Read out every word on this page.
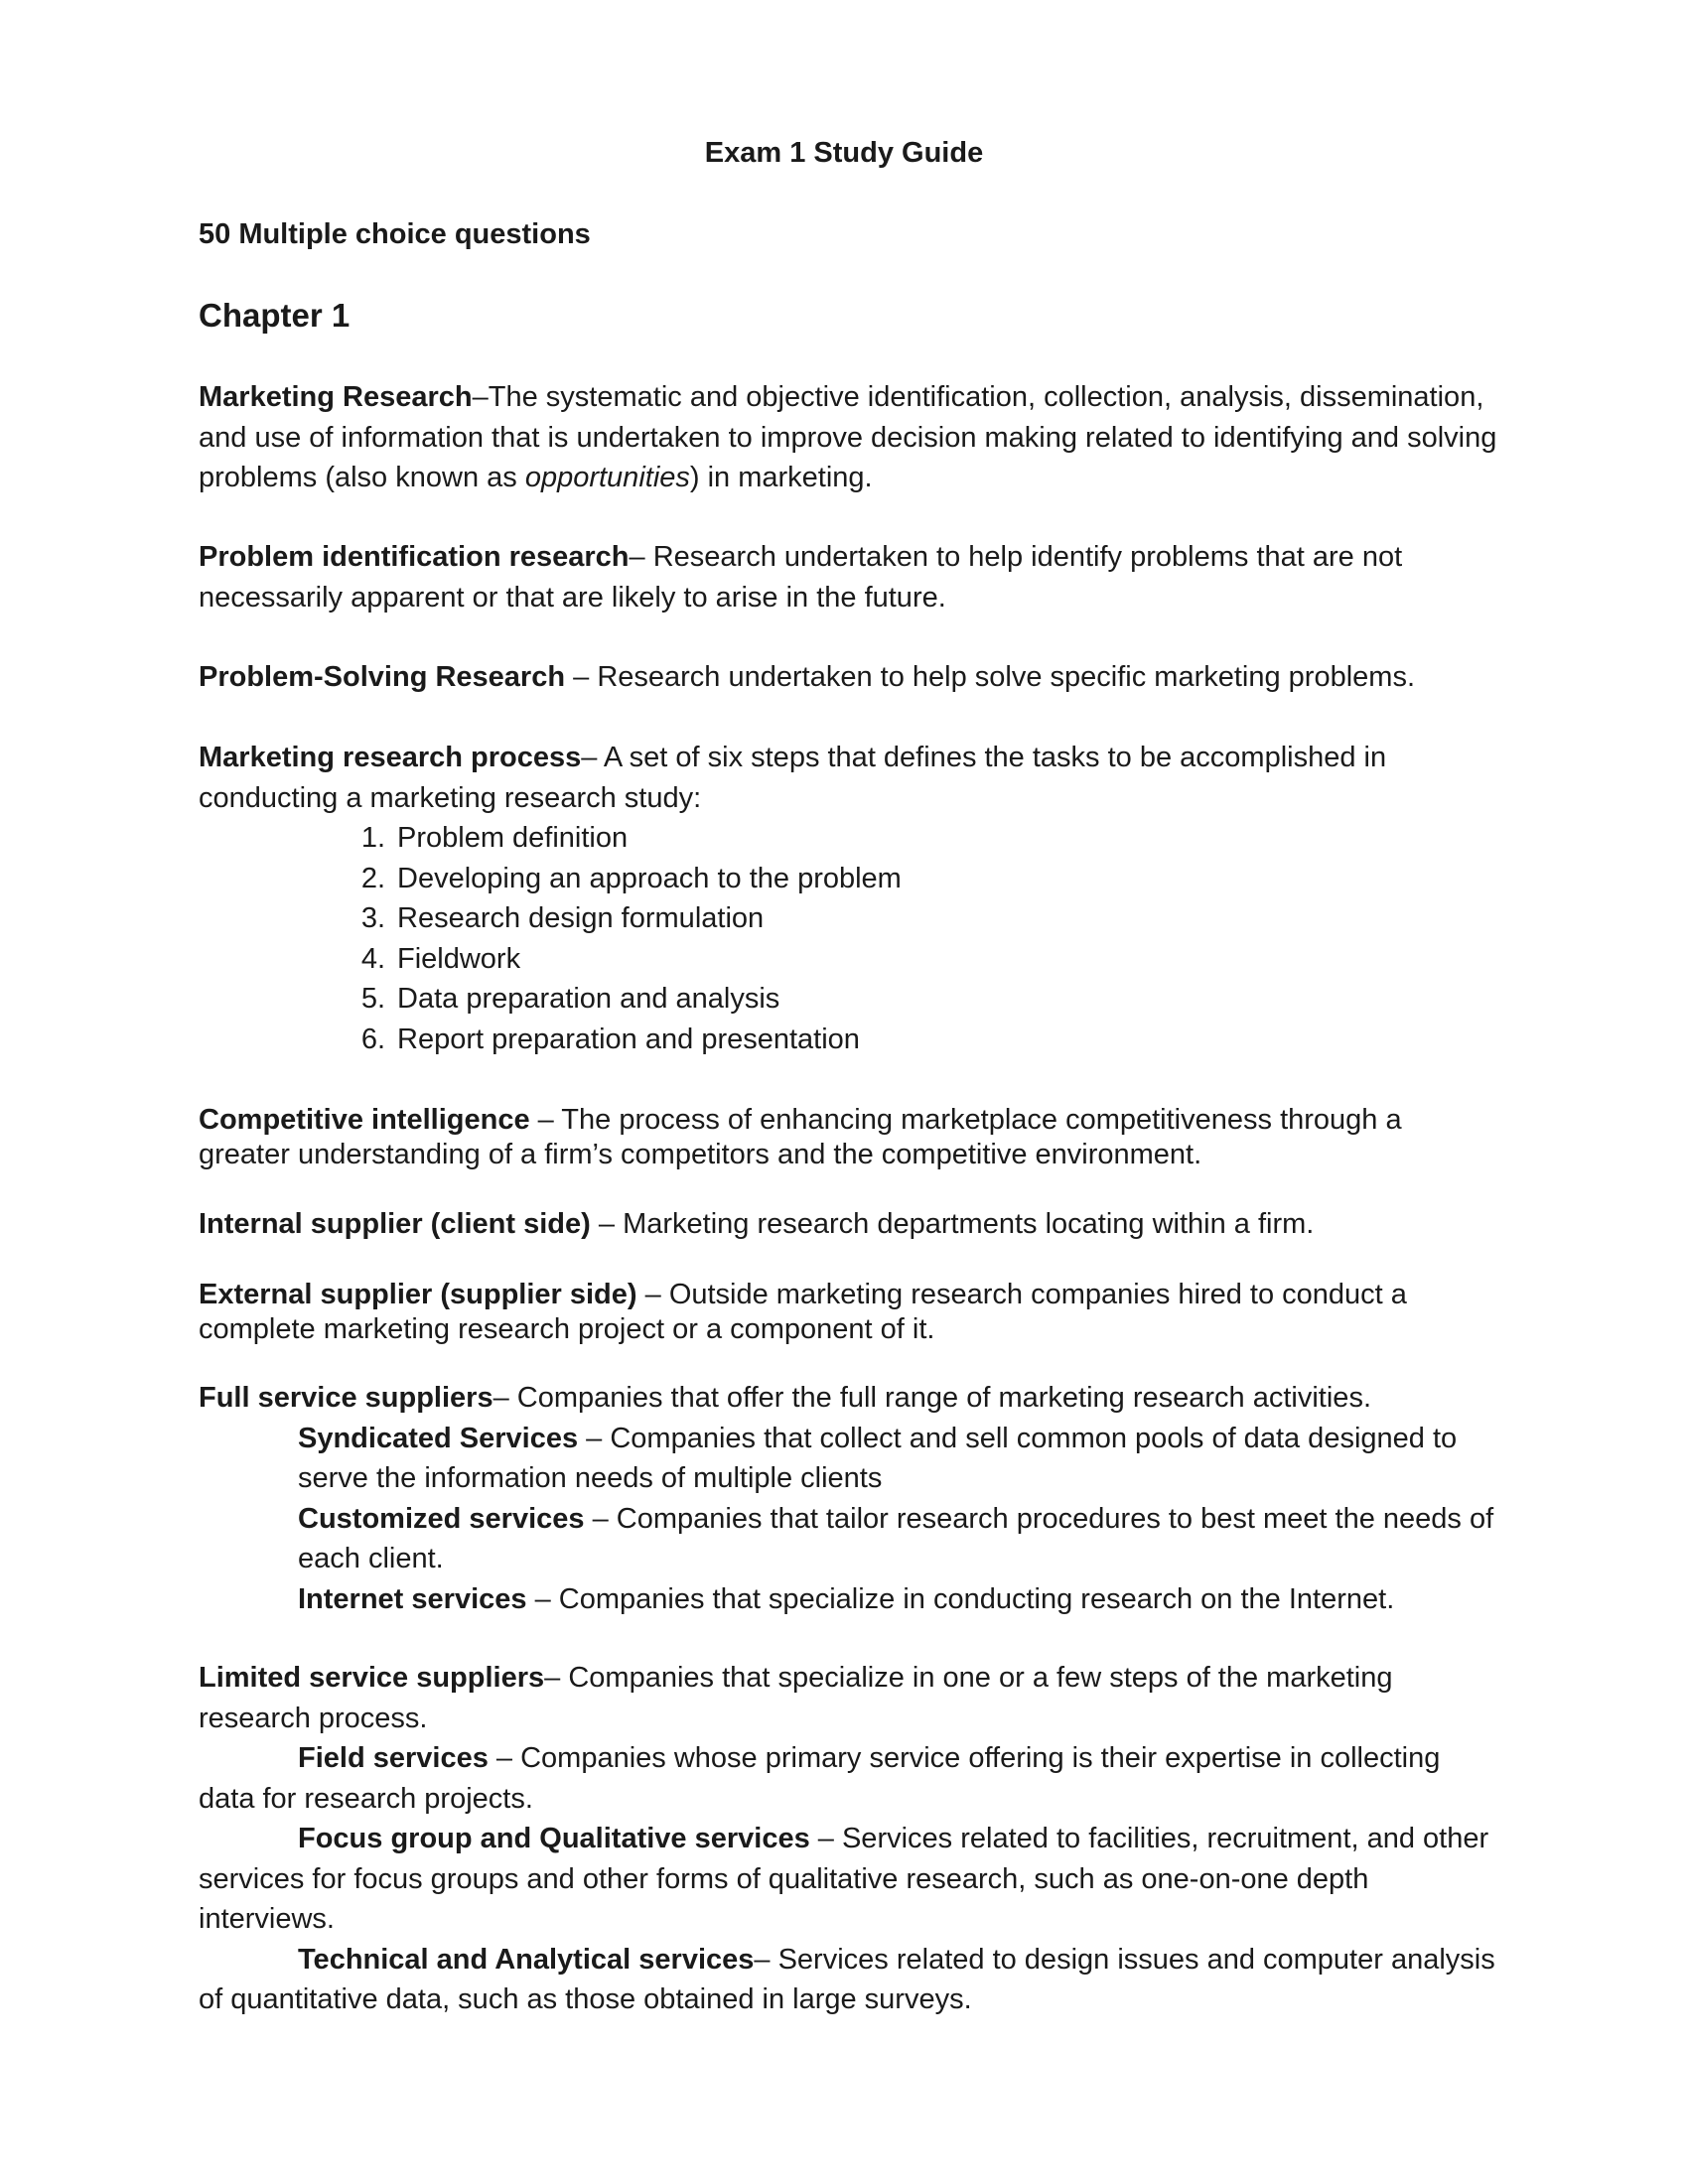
Exam 1 Study Guide
50 Multiple choice questions
Chapter 1
Marketing Research–The systematic and objective identification, collection, analysis, dissemination, and use of information that is undertaken to improve decision making related to identifying and solving problems (also known as opportunities) in marketing.
Problem identification research– Research undertaken to help identify problems that are not necessarily apparent or that are likely to arise in the future.
Problem-Solving Research – Research undertaken to help solve specific marketing problems.
Marketing research process– A set of six steps that defines the tasks to be accomplished in conducting a marketing research study:
1. Problem definition
2. Developing an approach to the problem
3. Research design formulation
4. Fieldwork
5. Data preparation and analysis
6. Report preparation and presentation
Competitive intelligence – The process of enhancing marketplace competitiveness through a greater understanding of a firm’s competitors and the competitive environment.
Internal supplier (client side) – Marketing research departments locating within a firm.
External supplier (supplier side) – Outside marketing research companies hired to conduct a complete marketing research project or a component of it.
Full service suppliers– Companies that offer the full range of marketing research activities.
Syndicated Services – Companies that collect and sell common pools of data designed to serve the information needs of multiple clients
Customized services – Companies that tailor research procedures to best meet the needs of each client.
Internet services – Companies that specialize in conducting research on the Internet.
Limited service suppliers– Companies that specialize in one or a few steps of the marketing research process.
Field services – Companies whose primary service offering is their expertise in collecting data for research projects.
Focus group and Qualitative services – Services related to facilities, recruitment, and other services for focus groups and other forms of qualitative research, such as one-on-one depth interviews.
Technical and Analytical services– Services related to design issues and computer analysis of quantitative data, such as those obtained in large surveys.
